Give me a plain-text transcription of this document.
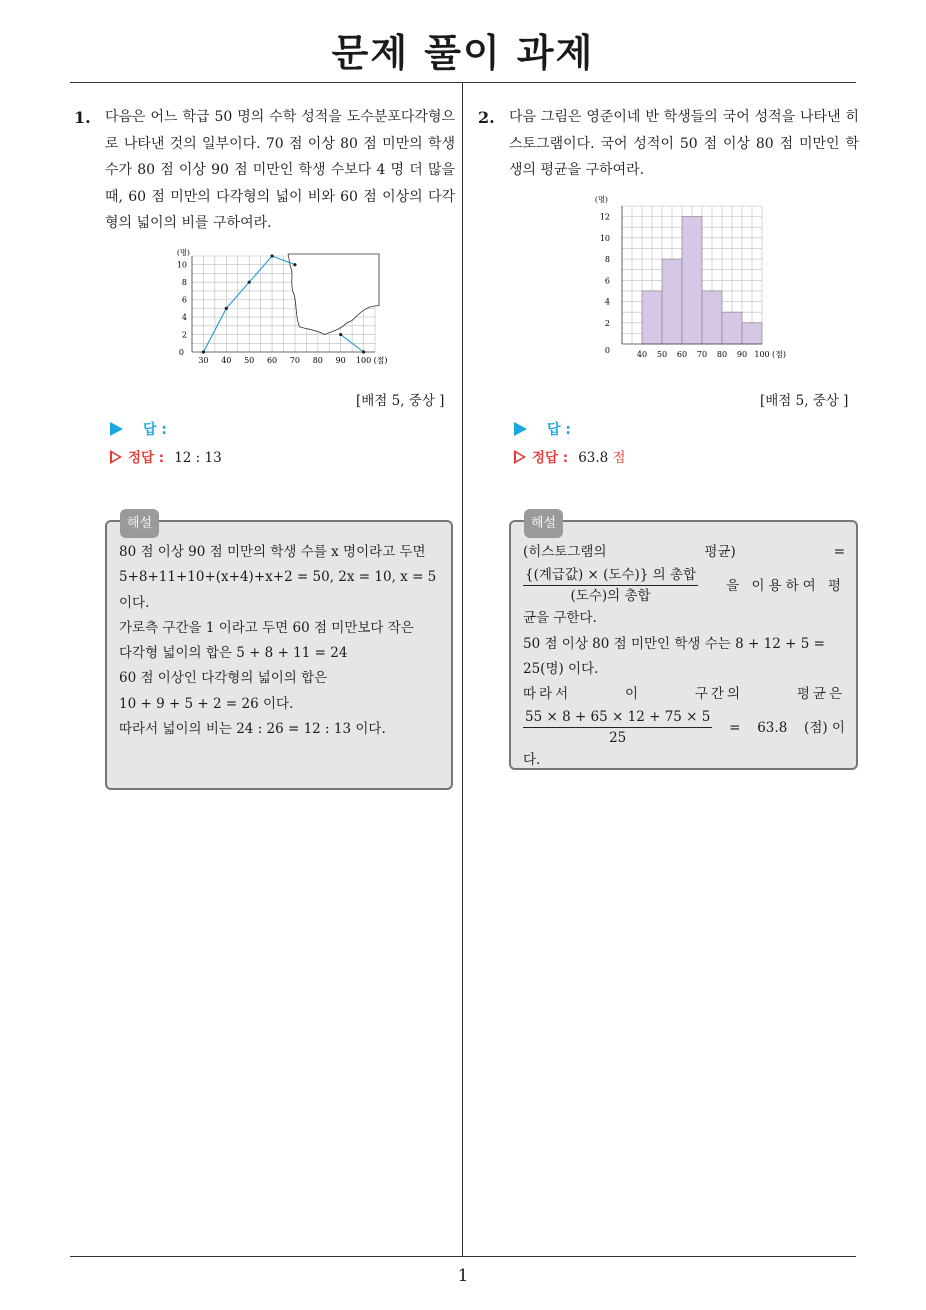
문제 풀이 과제
1. 다음은 어느 학급 50 명의 수학 성적을 도수분포다각형으로 나타낸 것의 일부이다. 70 점 이상 80 점 미만의 학생 수가 80 점 이상 90 점 미만인 학생 수보다 4 명 더 많을 때, 60 점 미만의 다각형의 넓이 비와 60 점 이상의 다각형의 넓이의 비를 구하여라.
2
4
6
8
10
0
30 40 50 60 70 80 90 100
(명)
(점)
[배점 5, 중상 ]
답 :
정답 : 12 : 13
해설
80 점 이상 90 점 미만의 학생 수를 x 명이라고 두면
5+8+11+10+(x+4)+x+2 = 50, 2x = 10, x = 5
이다.
가로측 구간을 1 이라고 두면 60 점 미만보다 작은
다각형 넓이의 합은 5 + 8 + 11 = 24
60 점 이상인 다각형의 넓이의 합은
10 + 9 + 5 + 2 = 26 이다.
따라서 넓이의 비는 24 : 26 = 12 : 13 이다.
2. 다음 그림은 영준이네 반 학생들의 국어 성적을 나타낸 히스토그램이다. 국어 성적이 50 점 이상 80 점 미만인 학생의 평균을 구하여라.
2
4
6
8
10
12
0	40 50 60 70 80 90 100
(명)
(점)
[배점 5, 중상 ]
답 :
정답 : 63.8 점
해설
(히스토그램의	평균)	=
$\frac{\text{\{(계급값) × (도수)\} 의 총합}}{\text{(도수)의 총합}}$ 을 이용하여 평
균을 구한다.
50 점 이상 80 점 미만인 학생 수는 8 + 12 + 5 =
25(명) 이다.
따라서	이	구간의	평균은
$\frac{55 \times 8 + 65 \times 12 + 75 \times 5}{25} = 63.8$ (점) 이
다.
1
